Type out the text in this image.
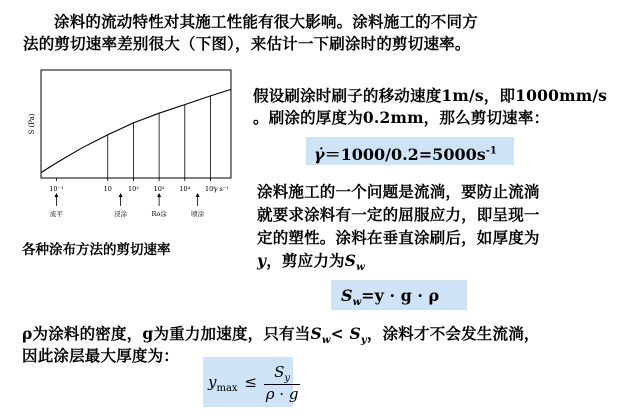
涂料的流动特性对其施工性能有很大影响。涂料施工的不同方
法的剪切速率差别很大（下图），来估计一下刷涂时的剪切速率。
S (Pa)
10⁻¹	10 10² 10³ 10⁴ 10⁵
γ s⁻¹
流平	浸涂	Ro涂	喷涂
各种涂布方法的剪切速率
假设刷涂时刷子的移动速度1m/s，即1000mm/s
。刷涂的厚度为0.2mm，那么剪切速率：
$\gammȧ=1000/0.2=5000s^{-1}$
涂料施工的一个问题是流淌，要防止流淌
就要求涂料有一定的屈服应力，即呈现一
定的塑性。涂料在垂直涂刷后，如厚度为
y，剪应力为$S_w$
$S_w=y \cdot g \cdot \rho$
ρ为涂料的密度，g为重力加速度，只有当$S_w< S_y$，涂料才不会发生流淌，
因此涂层最大厚度为：
$y_{max} \le \frac{S_y}{\rho \cdot g}$
